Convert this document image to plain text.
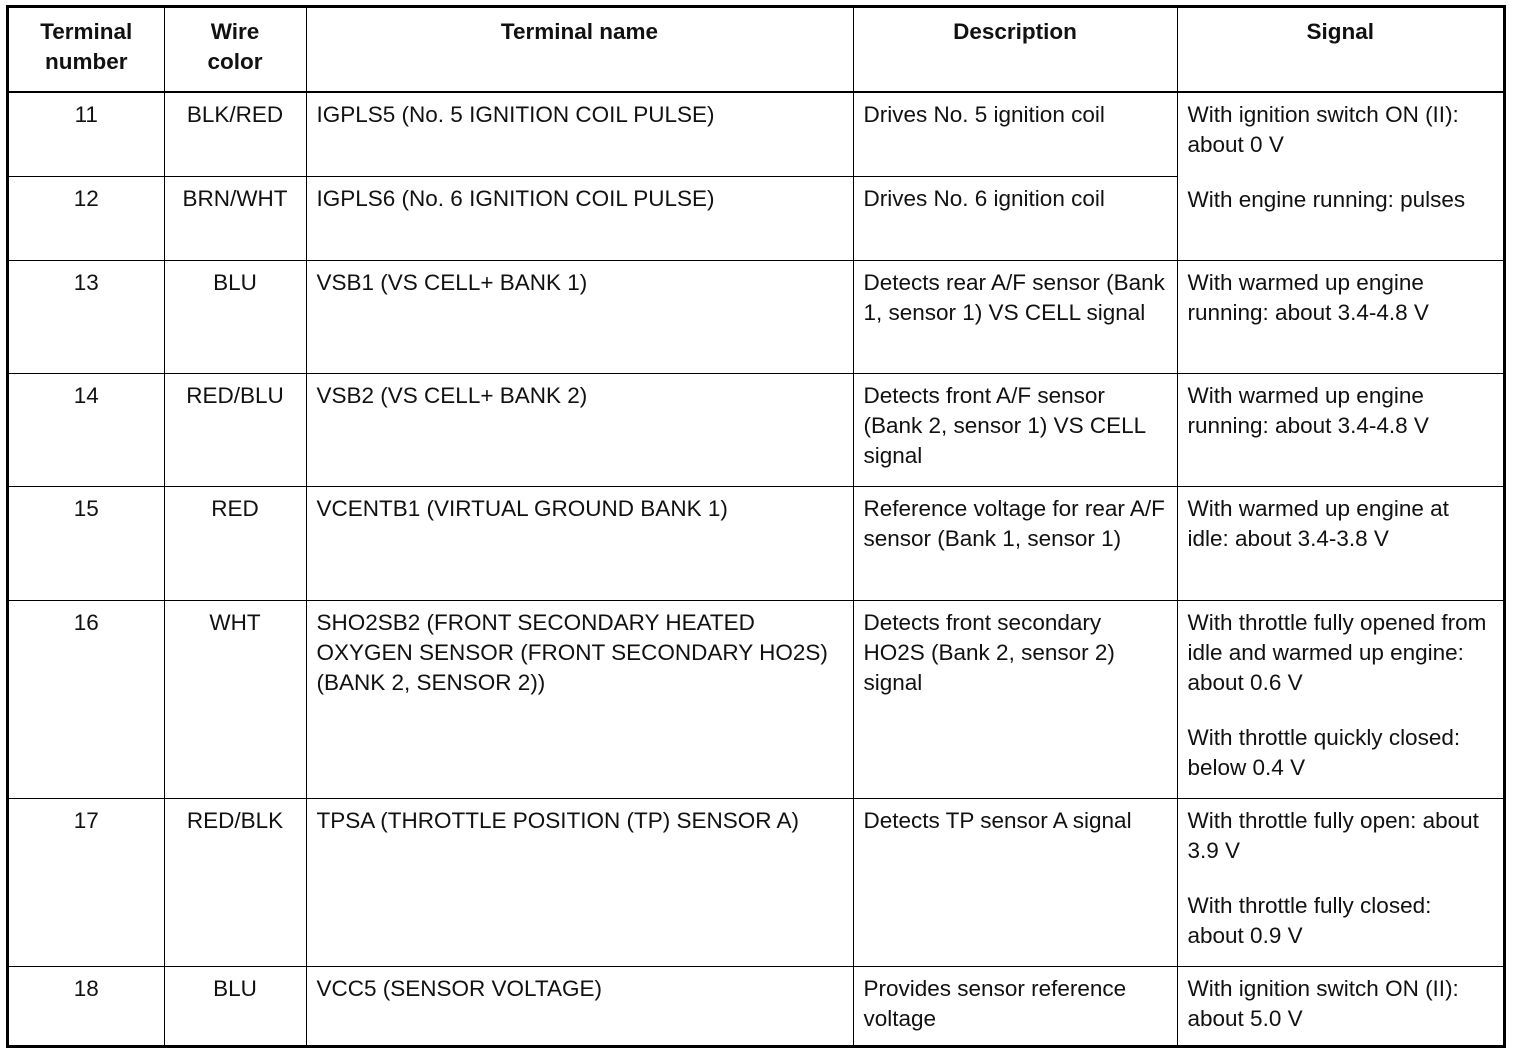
Terminal
number	Wire
color	Terminal name	Description	Signal
11	BLK/RED	IGPLS5 (No. 5 IGNITION COIL PULSE)	Drives No. 5 ignition coil	With ignition switch ON (II): about 0 V
With engine running: pulses

12	BRN/WHT	IGPLS6 (No. 6 IGNITION COIL PULSE)	Drives No. 6 ignition coil	
13	BLU	VSB1 (VS CELL+ BANK 1)	Detects rear A/F sensor (Bank 1, sensor 1) VS CELL signal	With warmed up engine running: about 3.4-4.8 V

14	RED/BLU	VSB2 (VS CELL+ BANK 2)	Detects front A/F sensor (Bank 2, sensor 1) VS CELL signal	With warmed up engine running: about 3.4-4.8 V

15	RED	VCENTB1 (VIRTUAL GROUND BANK 1)	Reference voltage for rear A/F sensor (Bank 1, sensor 1)	With warmed up engine at idle: about 3.4-3.8 V

16	WHT	SHO2SB2 (FRONT SECONDARY HEATED OXYGEN SENSOR (FRONT SECONDARY HO2S) (BANK 2, SENSOR 2))	Detects front secondary HO2S (Bank 2, sensor 2) signal	With throttle fully opened from idle and warmed up engine: about 0.6 V
With throttle quickly closed: below 0.4 V

17	RED/BLK	TPSA (THROTTLE POSITION (TP) SENSOR A)	Detects TP sensor A signal	With throttle fully open: about 3.9 V
With throttle fully closed: about 0.9 V

18	BLU	VCC5 (SENSOR VOLTAGE)	Provides sensor reference voltage	With ignition switch ON (II): about 5.0 V
